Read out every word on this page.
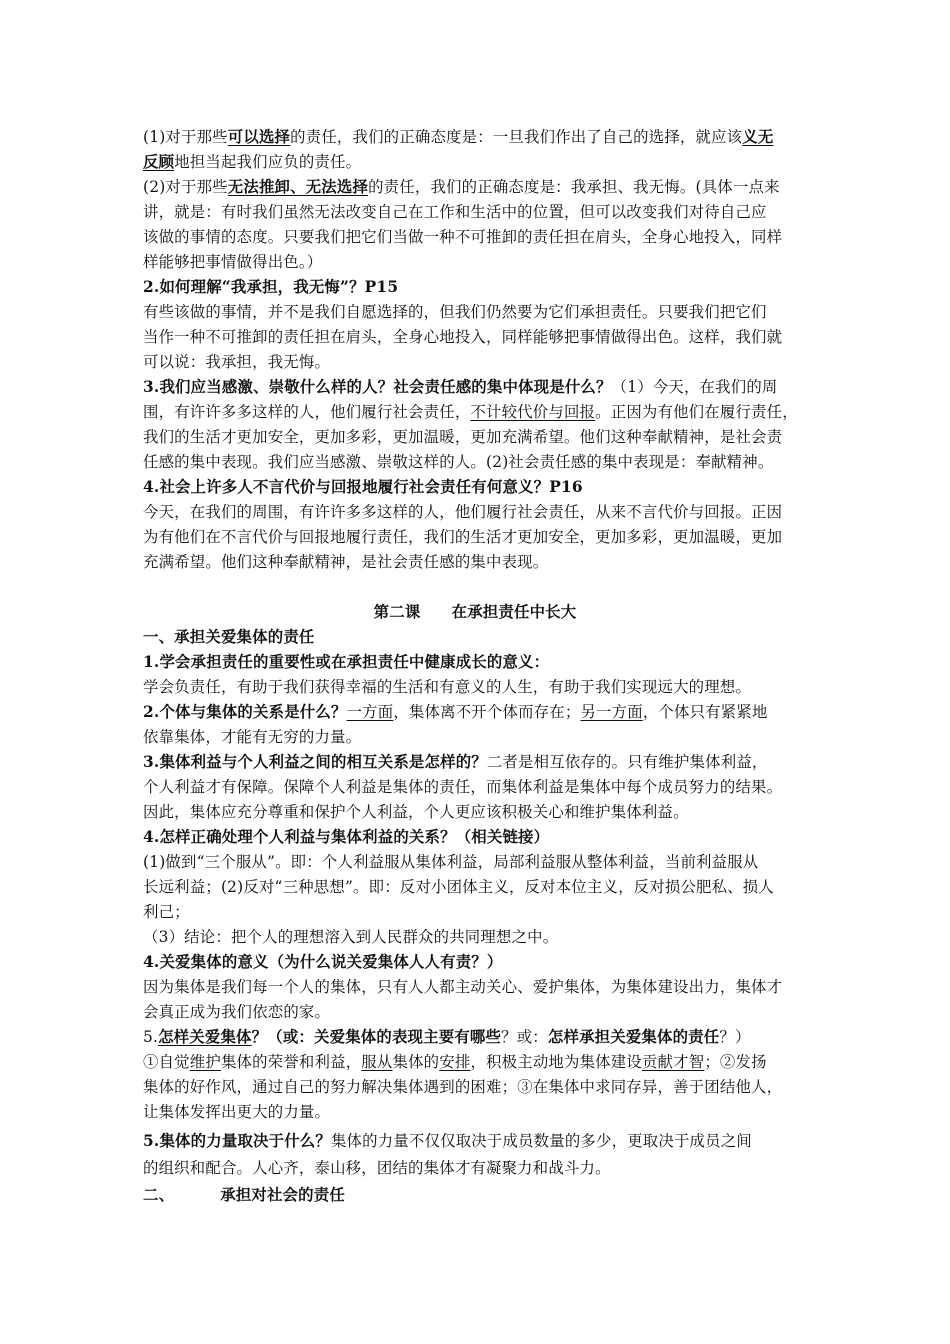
(1)对于那些可以选择的责任，我们的正确态度是：一旦我们作出了自己的选择，就应该义无
反顾地担当起我们应负的责任。
(2)对于那些无法推卸、无法选择的责任，我们的正确态度是：我承担、我无悔。(具体一点来
讲，就是：有时我们虽然无法改变自己在工作和生活中的位置，但可以改变我们对待自己应
该做的事情的态度。只要我们把它们当做一种不可推卸的责任担在肩头，全身心地投入，同样
样能够把事情做得出色。）
2.如何理解“我承担，我无悔”？P15
有些该做的事情，并不是我们自愿选择的，但我们仍然要为它们承担责任。只要我们把它们
当作一种不可推卸的责任担在肩头，全身心地投入，同样能够把事情做得出色。这样，我们就
可以说：我承担，我无悔。
3.我们应当感激、崇敬什么样的人？社会责任感的集中体现是什么？（1）今天，在我们的周
围，有许许多多这样的人，他们履行社会责任，不计较代价与回报。正因为有他们在履行责任，
我们的生活才更加安全，更加多彩，更加温暖，更加充满希望。他们这种奉献精神，是社会责
任感的集中表现。我们应当感激、崇敬这样的人。(2)社会责任感的集中表现是：奉献精神。
4.社会上许多人不言代价与回报地履行社会责任有何意义？P16
今天，在我们的周围，有许许多多这样的人，他们履行社会责任，从来不言代价与回报。正因
为有他们在不言代价与回报地履行责任，我们的生活才更加安全，更加多彩，更加温暖，更加
充满希望。他们这种奉献精神，是社会责任感的集中表现。
第二课　　在承担责任中长大
一、承担关爱集体的责任
1.学会承担责任的重要性或在承担责任中健康成长的意义：
学会负责任，有助于我们获得幸福的生活和有意义的人生，有助于我们实现远大的理想。
2.个体与集体的关系是什么？一方面，集体离不开个体而存在；另一方面，个体只有紧紧地
依靠集体，才能有无穷的力量。
3.集体利益与个人利益之间的相互关系是怎样的？二者是相互依存的。只有维护集体利益，
个人利益才有保障。保障个人利益是集体的责任，而集体利益是集体中每个成员努力的结果。
因此，集体应充分尊重和保护个人利益，个人更应该积极关心和维护集体利益。
4.怎样正确处理个人利益与集体利益的关系？（相关链接）
(1)做到“三个服从”。即：个人利益服从集体利益，局部利益服从整体利益，当前利益服从
长远利益；(2)反对“三种思想”。即：反对小团体主义，反对本位主义，反对损公肥私、损人
利己；
（3）结论：把个人的理想溶入到人民群众的共同理想之中。
4.关爱集体的意义（为什么说关爱集体人人有责？）
因为集体是我们每一个人的集体，只有人人都主动关心、爱护集体，为集体建设出力，集体才
会真正成为我们依恋的家。
5.怎样关爱集体？（或：关爱集体的表现主要有哪些？或：怎样承担关爱集体的责任？）
①自觉维护集体的荣誉和利益，服从集体的安排，积极主动地为集体建设贡献才智；②发扬
集体的好作风，通过自己的努力解决集体遇到的困难；③在集体中求同存异，善于团结他人，
让集体发挥出更大的力量。
5.集体的力量取决于什么？集体的力量不仅仅取决于成员数量的多少，更取决于成员之间
的组织和配合。人心齐，泰山移，团结的集体才有凝聚力和战斗力。
二、	承担对社会的责任
